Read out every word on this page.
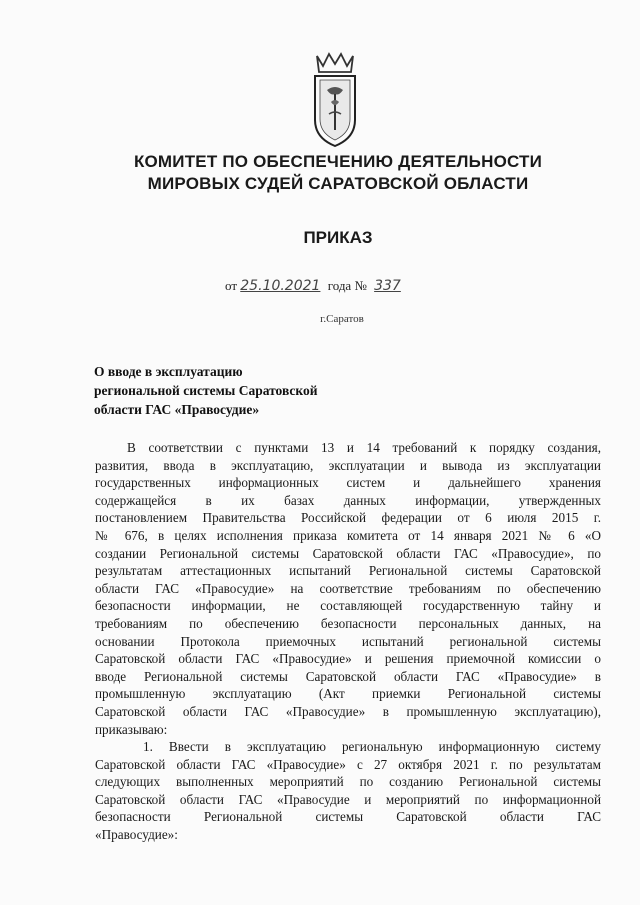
КОМИТЕТ ПО ОБЕСПЕЧЕНИЮ ДЕЯТЕЛЬНОСТИ
МИРОВЫХ СУДЕЙ САРАТОВСКОЙ ОБЛАСТИ
ПРИКАЗ
от 25.10.2021 года № 337
г.Саратов
О вводе в эксплуатацию
региональной системы Саратовской
области ГАС «Правосудие»
В соответствии с пунктами 13 и 14 требований к порядку создания,
развития, ввода в эксплуатацию, эксплуатации и вывода из эксплуатации
государственных информационных систем и дальнейшего хранения
содержащейся в их базах данных информации, утвержденных
постановлением Правительства Российской федерации от 6 июля 2015 г.
№ 676, в целях исполнения приказа комитета от 14 января 2021 № 6 «О
создании Региональной системы Саратовской области ГАС «Правосудие», по
результатам аттестационных испытаний Региональной системы Саратовской
области ГАС «Правосудие» на соответствие требованиям по обеспечению
безопасности информации, не составляющей государственную тайну и
требованиям по обеспечению безопасности персональных данных, на
основании Протокола приемочных испытаний региональной системы
Саратовской области ГАС «Правосудие» и решения приемочной комиссии о
вводе Региональной системы Саратовской области ГАС «Правосудие» в
промышленную эксплуатацию (Акт приемки Региональной системы
Саратовской области ГАС «Правосудие» в промышленную эксплуатацию),
приказываю:
1. Ввести в эксплуатацию региональную информационную систему
Саратовской области ГАС «Правосудие» с 27 октября 2021 г. по результатам
следующих выполненных мероприятий по созданию Региональной системы
Саратовской области ГАС «Правосудие и мероприятий по информационной
безопасности Региональной системы Саратовской области ГАС
«Правосудие»:
